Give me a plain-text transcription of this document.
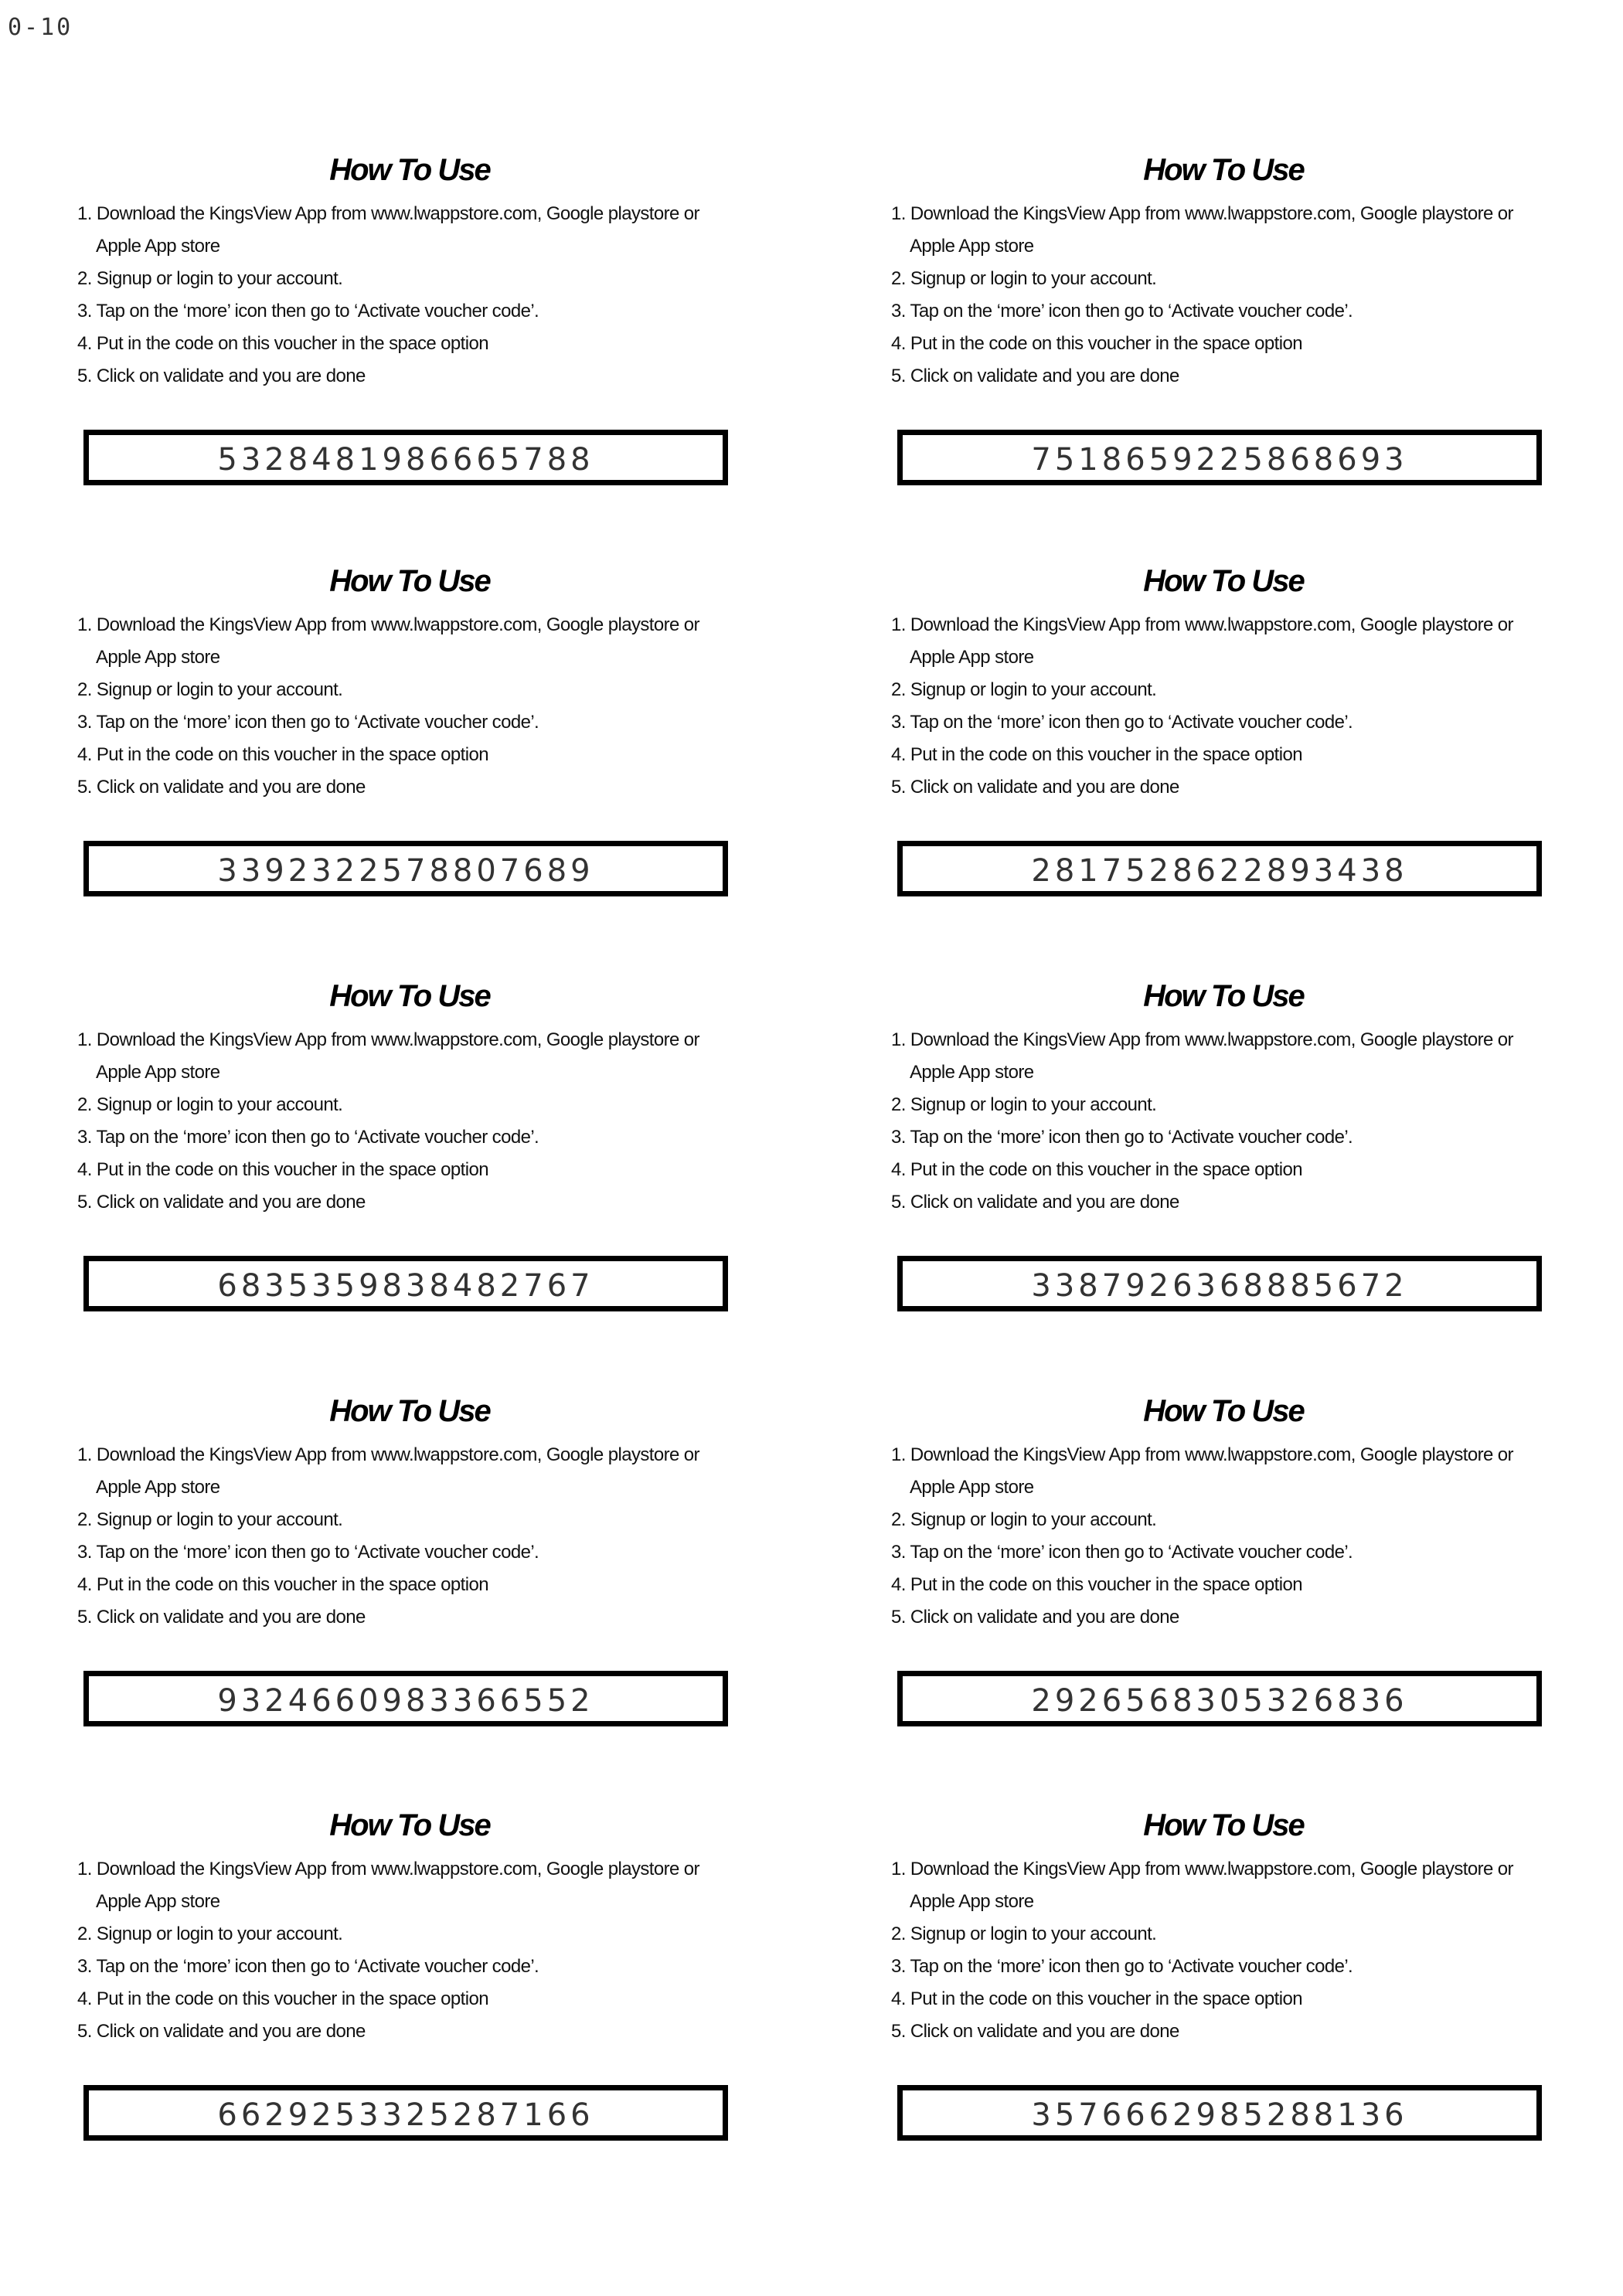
0-10
How To Use
1. Download the KingsView App from www.lwappstore.com, Google playstore or
Apple App store
2. Signup or login to your account.
3. Tap on the ‘more’ icon then go to ‘Activate voucher code’.
4. Put in the code on this voucher in the space option
5. Click on validate and you are done
5328481986665788
How To Use
1. Download the KingsView App from www.lwappstore.com, Google playstore or
Apple App store
2. Signup or login to your account.
3. Tap on the ‘more’ icon then go to ‘Activate voucher code’.
4. Put in the code on this voucher in the space option
5. Click on validate and you are done
7518659225868693
How To Use
1. Download the KingsView App from www.lwappstore.com, Google playstore or
Apple App store
2. Signup or login to your account.
3. Tap on the ‘more’ icon then go to ‘Activate voucher code’.
4. Put in the code on this voucher in the space option
5. Click on validate and you are done
3392322578807689
How To Use
1. Download the KingsView App from www.lwappstore.com, Google playstore or
Apple App store
2. Signup or login to your account.
3. Tap on the ‘more’ icon then go to ‘Activate voucher code’.
4. Put in the code on this voucher in the space option
5. Click on validate and you are done
2817528622893438
How To Use
1. Download the KingsView App from www.lwappstore.com, Google playstore or
Apple App store
2. Signup or login to your account.
3. Tap on the ‘more’ icon then go to ‘Activate voucher code’.
4. Put in the code on this voucher in the space option
5. Click on validate and you are done
6835359838482767
How To Use
1. Download the KingsView App from www.lwappstore.com, Google playstore or
Apple App store
2. Signup or login to your account.
3. Tap on the ‘more’ icon then go to ‘Activate voucher code’.
4. Put in the code on this voucher in the space option
5. Click on validate and you are done
3387926368885672
How To Use
1. Download the KingsView App from www.lwappstore.com, Google playstore or
Apple App store
2. Signup or login to your account.
3. Tap on the ‘more’ icon then go to ‘Activate voucher code’.
4. Put in the code on this voucher in the space option
5. Click on validate and you are done
9324660983366552
How To Use
1. Download the KingsView App from www.lwappstore.com, Google playstore or
Apple App store
2. Signup or login to your account.
3. Tap on the ‘more’ icon then go to ‘Activate voucher code’.
4. Put in the code on this voucher in the space option
5. Click on validate and you are done
2926568305326836
How To Use
1. Download the KingsView App from www.lwappstore.com, Google playstore or
Apple App store
2. Signup or login to your account.
3. Tap on the ‘more’ icon then go to ‘Activate voucher code’.
4. Put in the code on this voucher in the space option
5. Click on validate and you are done
6629253325287166
How To Use
1. Download the KingsView App from www.lwappstore.com, Google playstore or
Apple App store
2. Signup or login to your account.
3. Tap on the ‘more’ icon then go to ‘Activate voucher code’.
4. Put in the code on this voucher in the space option
5. Click on validate and you are done
3576662985288136
